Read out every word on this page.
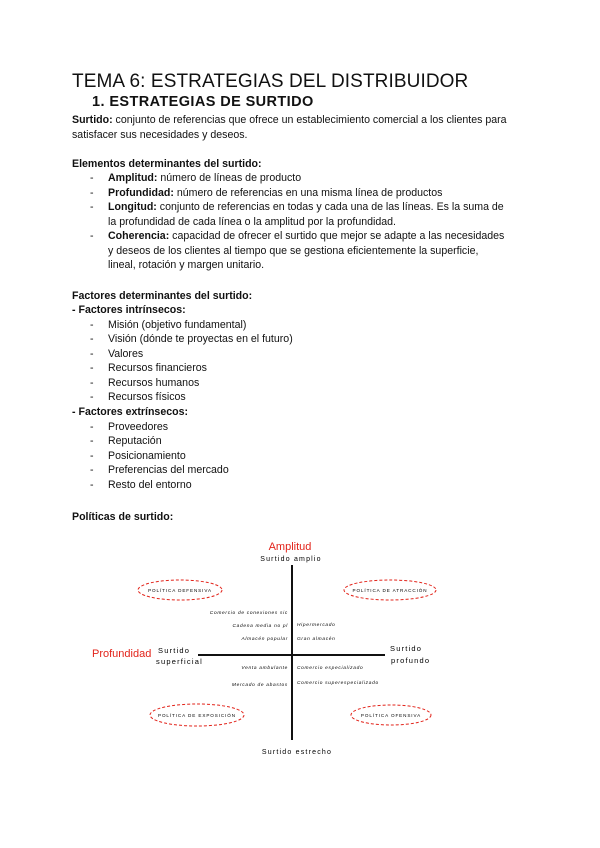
TEMA 6: ESTRATEGIAS DEL DISTRIBUIDOR
1. ESTRATEGIAS DE SURTIDO
Surtido: conjunto de referencias que ofrece un establecimiento comercial a los clientes para
satisfacer sus necesidades y deseos.
Elementos determinantes del surtido:
- Amplitud: número de líneas de producto
- Profundidad: número de referencias en una misma línea de productos
- Longitud: conjunto de referencias en todas y cada una de las líneas. Es la suma de
la profundidad de cada línea o la amplitud por la profundidad.
- Coherencia: capacidad de ofrecer el surtido que mejor se adapte a las necesidades
y deseos de los clientes al tiempo que se gestiona eficientemente la superficie,
lineal, rotación y margen unitario.
Factores determinantes del surtido:
- Factores intrínsecos:
- Misión (objetivo fundamental)
- Visión (dónde te proyectas en el futuro)
- Valores
- Recursos financieros
- Recursos humanos
- Recursos físicos
- Factores extrínsecos:
- Proveedores
- Reputación
- Posicionamiento
- Preferencias del mercado
- Resto del entorno
Políticas de surtido:
Amplitud
Profundidad
Surtido amplio
Surtido estrecho
Surtido
superficial
Surtido
profundo
POLÍTICA DEFENSIVA	POLÍTICA DE ATRACCIÓN
POLÍTICA DE EXPOSICIÓN	POLÍTICA OFENSIVA
Comercio de conexiones sic
Cadena media no pl
Almacén popular
Hipermercado
Gran almacén
Venta ambulante
Mercado de abastos
Comercio especializado
Comercio superespecializado
